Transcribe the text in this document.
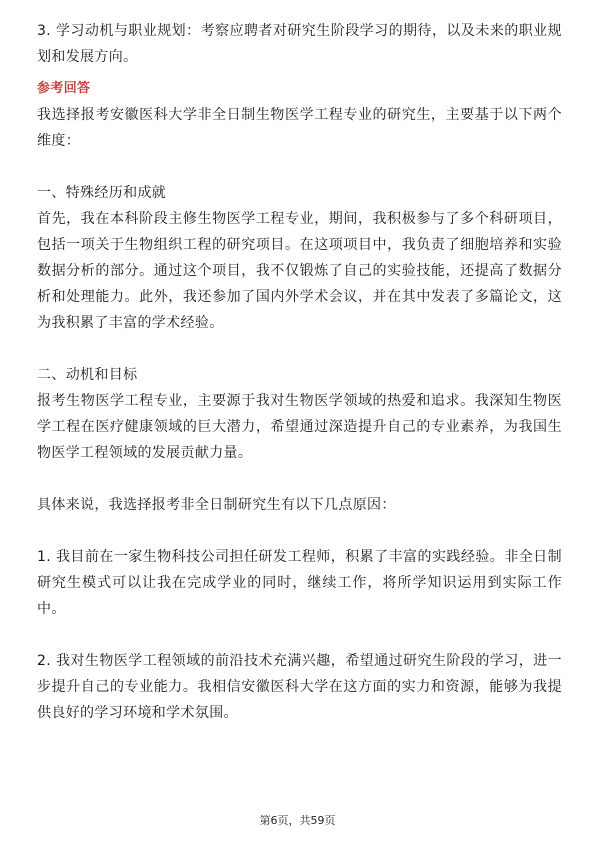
3. 学习动机与职业规划：考察应聘者对研究生阶段学习的期待，以及未来的职业规划和发展方向。

参考回答

我选择报考安徽医科大学非全日制生物医学工程专业的研究生，主要基于以下两个维度：

一、特殊经历和成就

首先，我在本科阶段主修生物医学工程专业，期间，我积极参与了多个科研项目，包括一项关于生物组织工程的研究项目。在这项项目中，我负责了细胞培养和实验数据分析的部分。通过这个项目，我不仅锻炼了自己的实验技能，还提高了数据分析和处理能力。此外，我还参加了国内外学术会议，并在其中发表了多篇论文，这为我积累了丰富的学术经验。

二、动机和目标

报考生物医学工程专业，主要源于我对生物医学领域的热爱和追求。我深知生物医学工程在医疗健康领域的巨大潜力，希望通过深造提升自己的专业素养，为我国生物医学工程领域的发展贡献力量。

具体来说，我选择报考非全日制研究生有以下几点原因：

1. 我目前在一家生物科技公司担任研发工程师，积累了丰富的实践经验。非全日制研究生模式可以让我在完成学业的同时，继续工作，将所学知识运用到实际工作中。

2. 我对生物医学工程领域的前沿技术充满兴趣，希望通过研究生阶段的学习，进一步提升自己的专业能力。我相信安徽医科大学在这方面的实力和资源，能够为我提供良好的学习环境和学术氛围。

第6页，共59页
